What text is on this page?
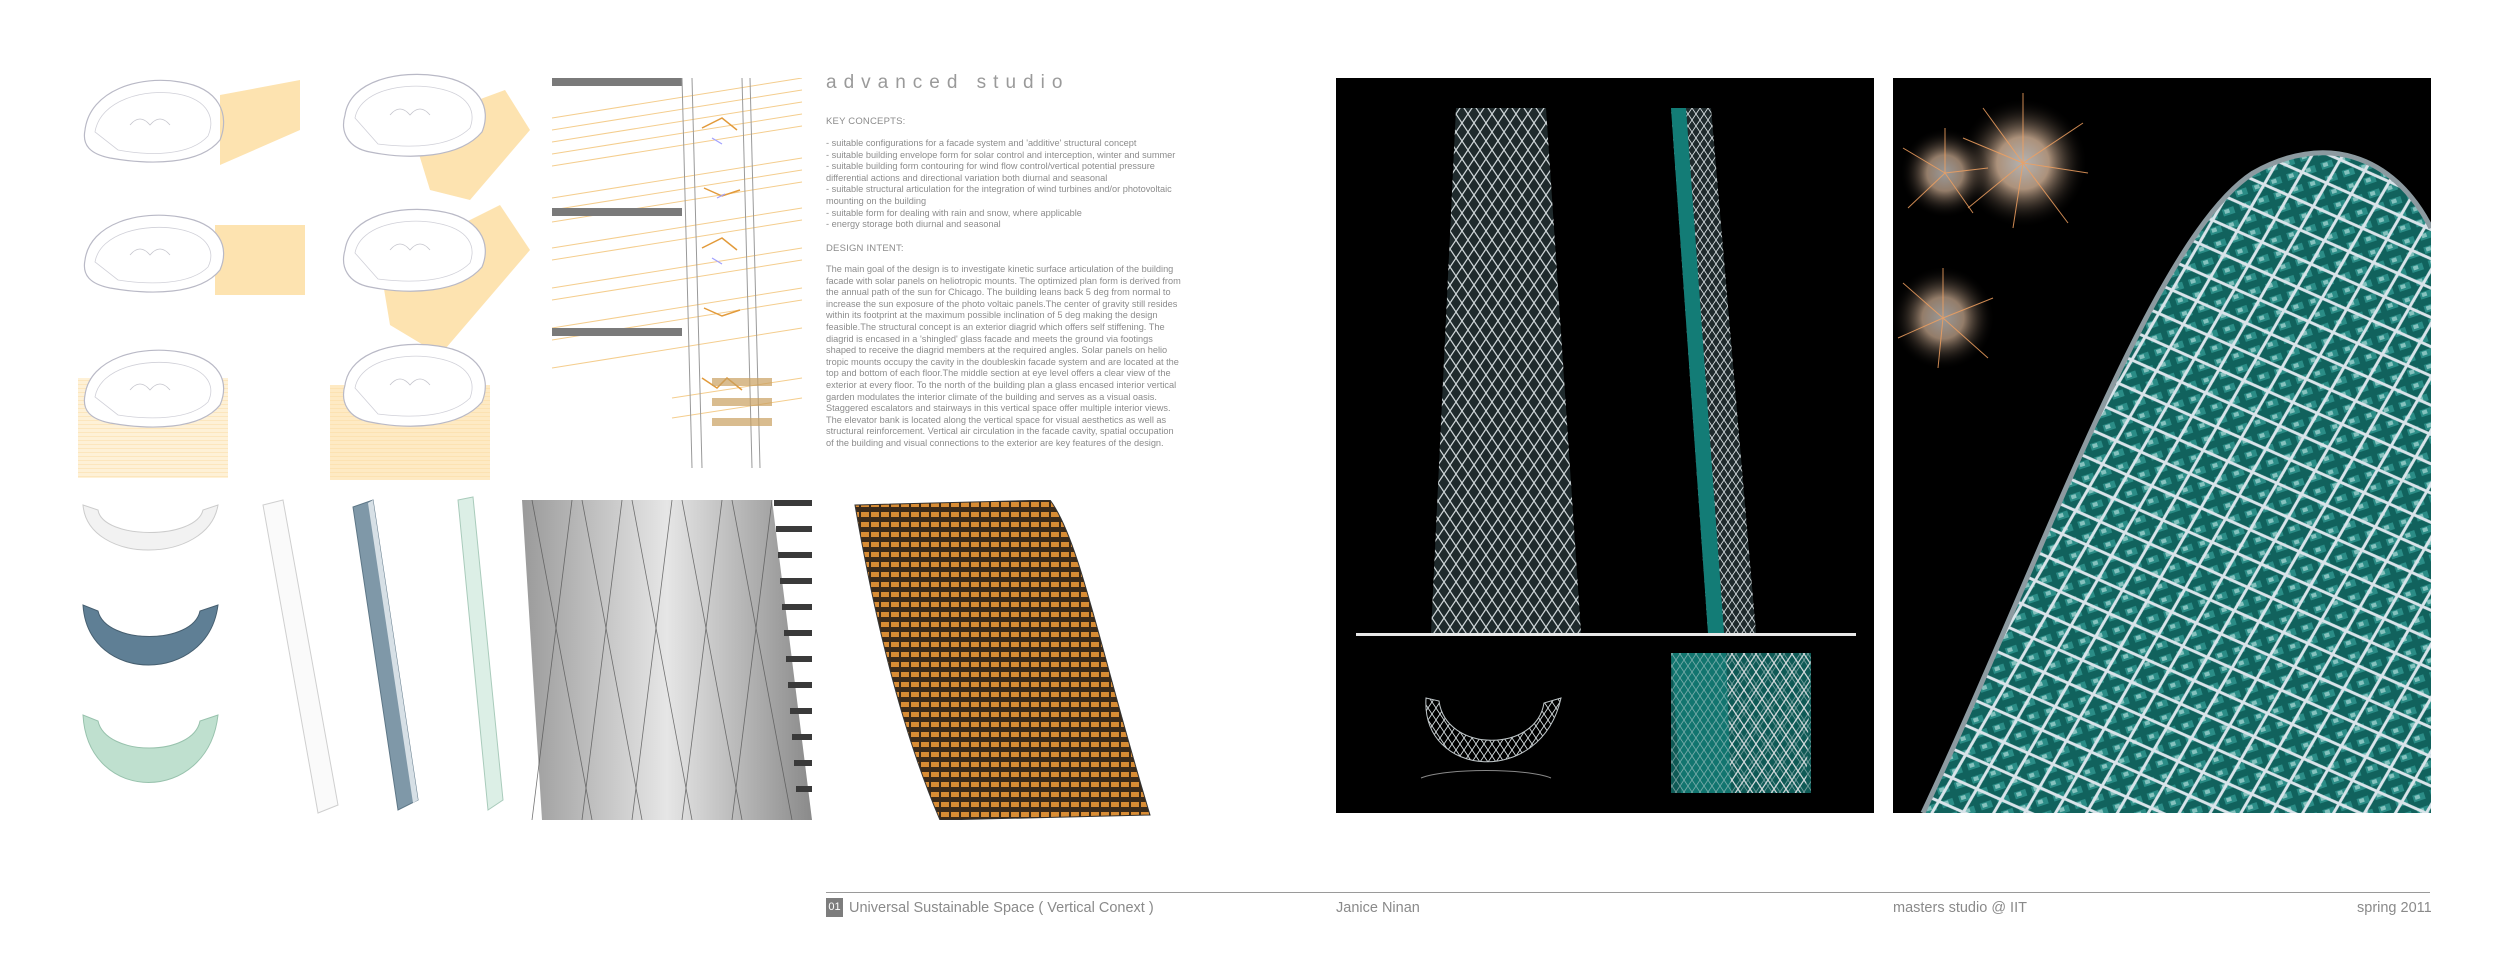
advanced studio
KEY CONCEPTS:
- suitable configurations for a facade system and 'additive' structural concept
- suitable building envelope form for solar control and interception, winter and summer
- suitable building form contouring for wind flow control/vertical potential pressure
differential actions and directional variation both diurnal and seasonal
- suitable structural articulation for the integration of wind turbines and/or photovoltaic
mounting on the building
- suitable form for dealing with rain and snow, where applicable
- energy storage both diurnal and seasonal
DESIGN INTENT:
The main goal of the design is to investigate kinetic surface articulation of the building facade with solar panels on heliotropic mounts. The optimized plan form is derived from the annual path of the sun for Chicago. The building leans back 5 deg from normal to increase the sun exposure of the photo voltaic panels.The center of gravity still resides within its footprint at the maximum possible inclination of 5 deg making the design feasible.The structural concept is an exterior diagrid which offers self stiffening. The diagrid is encased in a 'shingled' glass facade and meets the ground via footings shaped to receive the diagrid members at the required angles. Solar panels on helio tropic mounts occupy the cavity in the doubleskin facade system and are located at the top and bottom of each floor.The middle section at eye level offers a clear view of the exterior at every floor. To the north of the building plan a glass encased interior vertical garden modulates the interior climate of the building and serves as a visual oasis. Staggered escalators and stairways in this vertical space offer multiple interior views. The elevator bank is located along the vertical space for visual aesthetics as well as structural reinforcement. Vertical air circulation in the facade cavity, spatial occupation of the building and visual connections to the exterior are key features of the design.
01 Universal Sustainable Space ( Vertical Conext )	Janice Ninan	masters studio @ IIT	spring 2011
